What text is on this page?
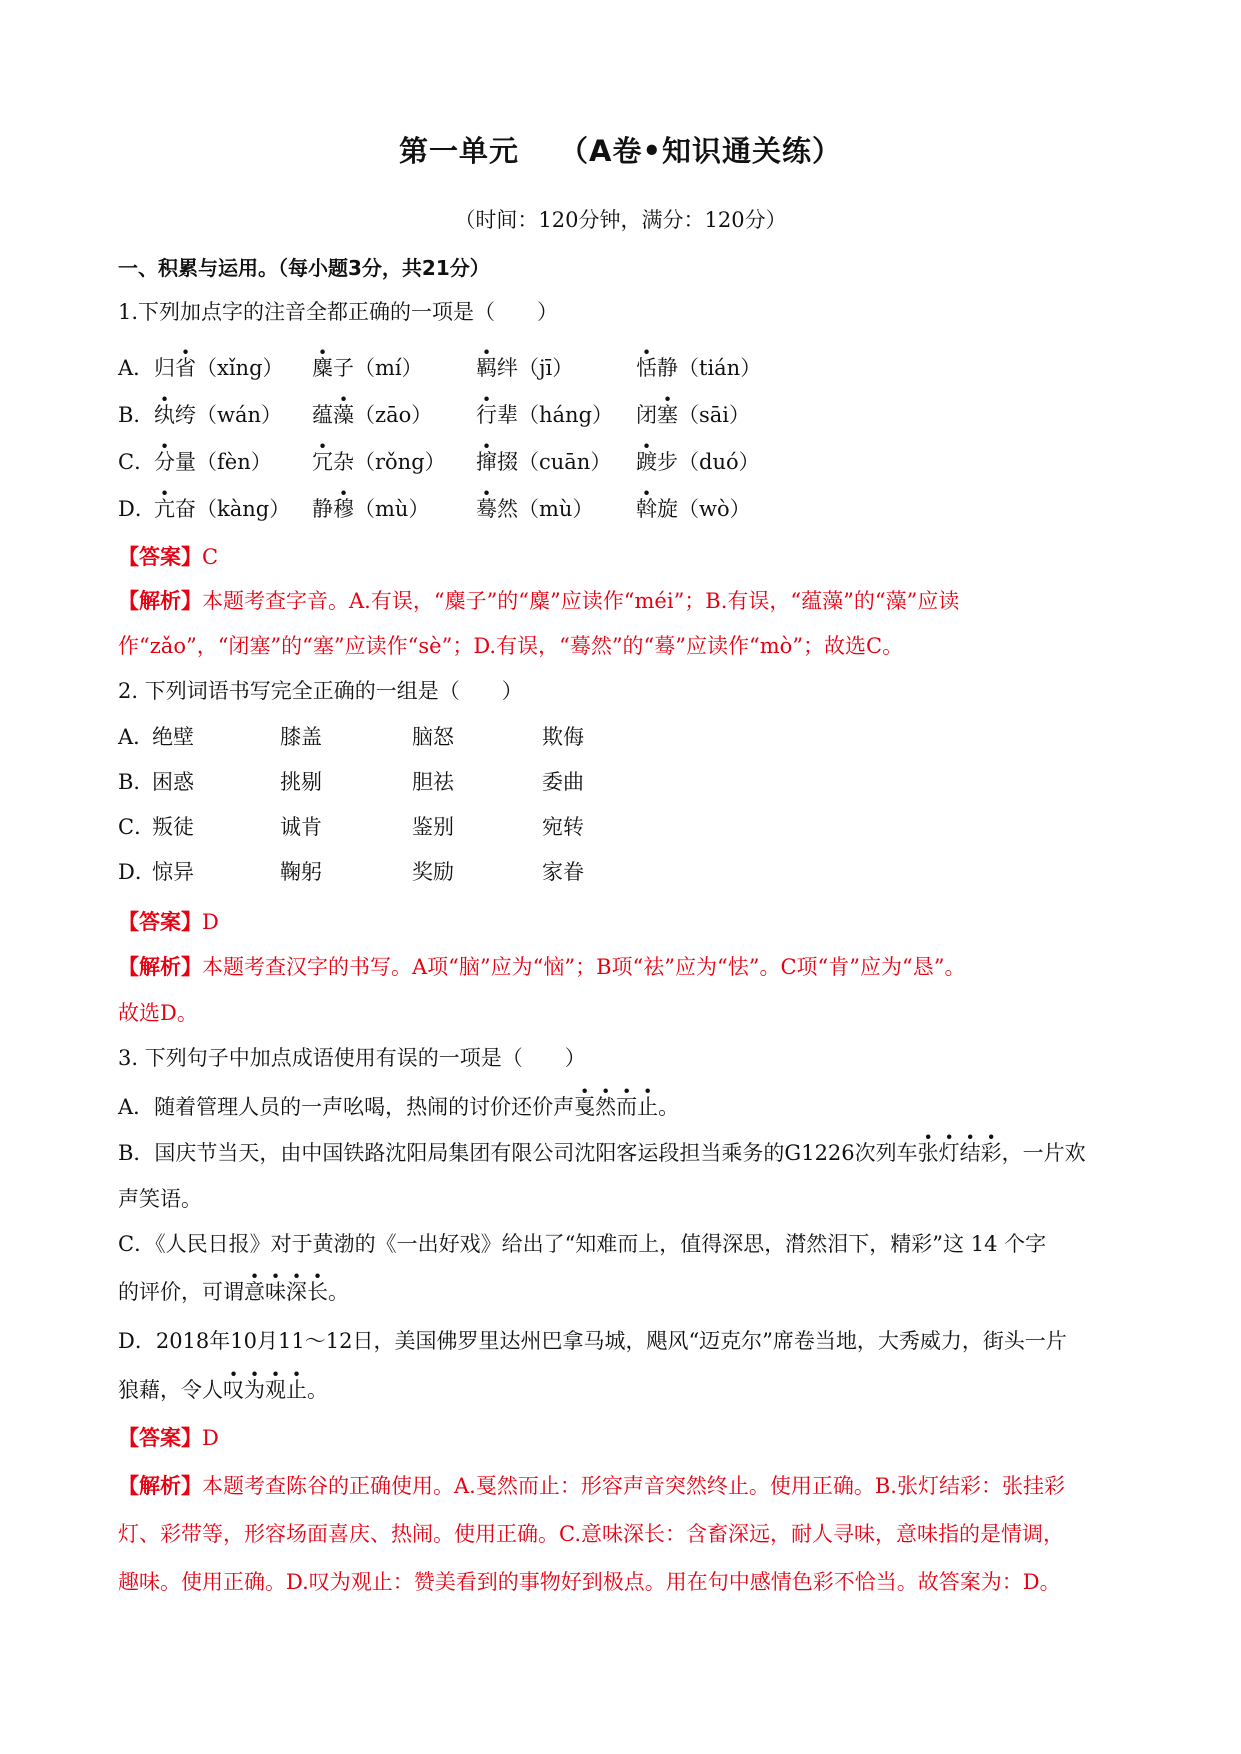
第一单元 （A卷•知识通关练）
（时间：120分钟，满分：120分）
一、积累与运用。（每小题3分，共21分）
1.下列加点字的注音全都正确的一项是（　　）
A． 归省（xǐng） 麋子（mí）	羁绊（jī）	恬静（tián）
B． 纨绔（wán） 蕴藻（zāo） 行辈（háng） 闭塞（sāi）
C．
分量（fèn） 冗杂（rǒng） 撺掇（cuān） 踱步（duó）
D．
亢奋（kàng） 静穆（mù） 蓦然（mù） 斡旋（wò）
【答案】C
【解析】本题考查字音。A.有误，“麋子”的“麋”应读作“méi”；B.有误，“蕴藻”的“藻”应读
作“zǎo”，“闭塞”的“塞”应读作“sè”；D.有误，“蓦然”的“蓦”应读作“mò”；故选C。
2. 下列词语书写完全正确的一组是（　　）
A．
绝壁	膝盖	脑怒	欺侮
B．
困惑	挑剔	胆祛	委曲
C．
叛徒	诚肯	鉴别	宛转
D．
惊异	鞠躬	奖励	家眷
【答案】D
【解析】本题考查汉字的书写。A项“脑”应为“恼”；B项“祛”应为“怯”。C项“肯”应为“恳”。
故选D。
3. 下列句子中加点成语使用有误的一项是（　　）
A．随着管理人员的一声吆喝，热闹的讨价还价声戛然而止。
B．国庆节当天，由中国铁路沈阳局集团有限公司沈阳客运段担当乘务的G1226次列车张灯结彩，一片欢
声笑语。
C．《人民日报》对于黄渤的《一出好戏》给出了“知难而上，值得深思，潸然泪下，精彩”这 14 个字
的评价，可谓意味深长。
D．2018年10月11～12日，美国佛罗里达州巴拿马城，飓风“迈克尔”席卷当地，大秀威力，街头一片
狼藉，令人叹为观止。
【答案】D
【解析】本题考查陈谷的正确使用。A.戛然而止：形容声音突然终止。使用正确。B.张灯结彩：张挂彩
灯、彩带等，形容场面喜庆、热闹。使用正确。C.意味深长：含畜深远，耐人寻味，意味指的是情调，
趣味。使用正确。D.叹为观止：赞美看到的事物好到极点。用在句中感情色彩不恰当。故答案为：D。
